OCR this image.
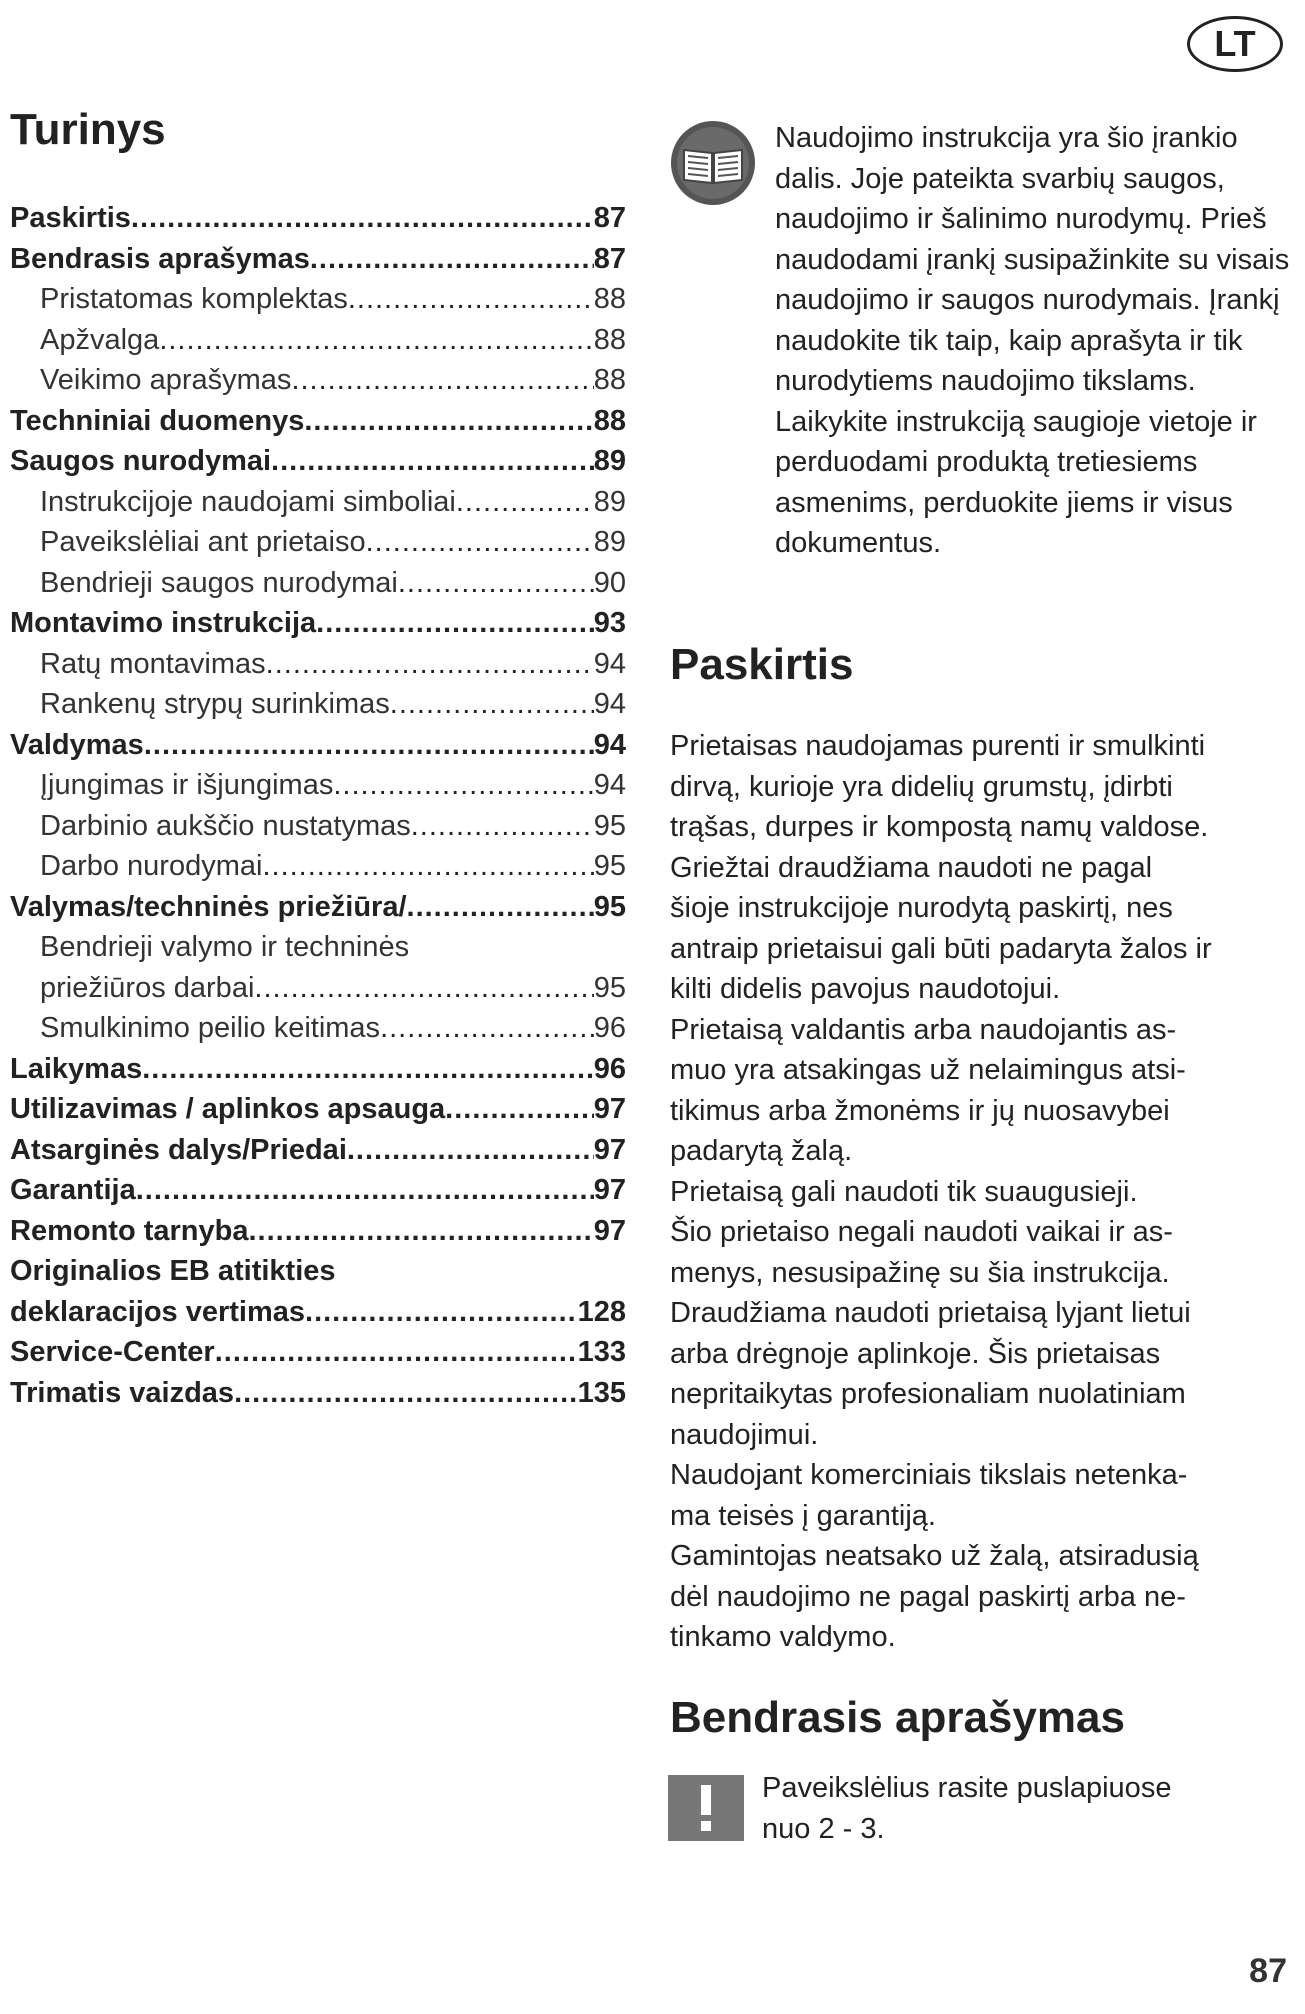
LT
Turinys
Paskirtis .....	87
Bendrasis aprašymas .....	87
Pristatomas komplektas .....	88
Apžvalga .....	88
Veikimo aprašymas .....	88
Techniniai duomenys .....	88
Saugos nurodymai .....	89
Instrukcijoje naudojami simboliai .....	89
Paveikslėliai ant prietaiso .....	89
Bendrieji saugos nurodymai .....	90
Montavimo instrukcija .....	93
Ratų montavimas .....	94
Rankenų strypų surinkimas .....	94
Valdymas .....	94
Įjungimas ir išjungimas .....	94
Darbinio aukščio nustatymas .....	95
Darbo nurodymai .....	95
Valymas/techninės priežiūra/ .....	95
Bendrieji valymo ir techninės
priežiūros darbai .....	95
Smulkinimo peilio keitimas .....	96
Laikymas .....	96
Utilizavimas / aplinkos apsauga .....	97
Atsarginės dalys/Priedai .....	97
Garantija .....	97
Remonto tarnyba .....	97
Originalios EB atitikties
deklaracijos vertimas .....	128
Service-Center .....	133
Trimatis vaizdas .....	135

Naudojimo instrukcija yra šio įrankio dalis. Joje pateikta svarbių saugos, naudojimo ir šalinimo nurodymų. Prieš naudodami įrankį susipažinkite su visais naudojimo ir saugos nurodymais. Įrankį naudokite tik taip, kaip aprašyta ir tik nurodytiems naudojimo tikslams. Laikykite instrukciją saugioje vietoje ir perduodami produktą tretiesiems asmenims, perduokite jiems ir visus dokumentus.

Paskirtis

Prietaisas naudojamas purenti ir smulkinti
dirvą, kurioje yra didelių grumstų, įdirbti
trąšas, durpes ir kompostą namų valdose.
Griežtai draudžiama naudoti ne pagal
šioje instrukcijoje nurodytą paskirtį, nes
antraip prietaisui gali būti padaryta žalos ir
kilti didelis pavojus naudotojui.
Prietaisą valdantis arba naudojantis as-
muo yra atsakingas už nelaimingus atsi-
tikimus arba žmonėms ir jų nuosavybei
padarytą žalą.
Prietaisą gali naudoti tik suaugusieji.
Šio prietaiso negali naudoti vaikai ir as-
menys, nesusipažinę su šia instrukcija.
Draudžiama naudoti prietaisą lyjant lietui
arba drėgnoje aplinkoje. Šis prietaisas
nepritaikytas profesionaliam nuolatiniam
naudojimui.
Naudojant komerciniais tikslais netenka-
ma teisės į garantiją.
Gamintojas neatsako už žalą, atsiradusią
dėl naudojimo ne pagal paskirtį arba ne-
tinkamo valdymo.

Bendrasis aprašymas

Paveikslėlius rasite puslapiuose
nuo 2 - 3.

87
